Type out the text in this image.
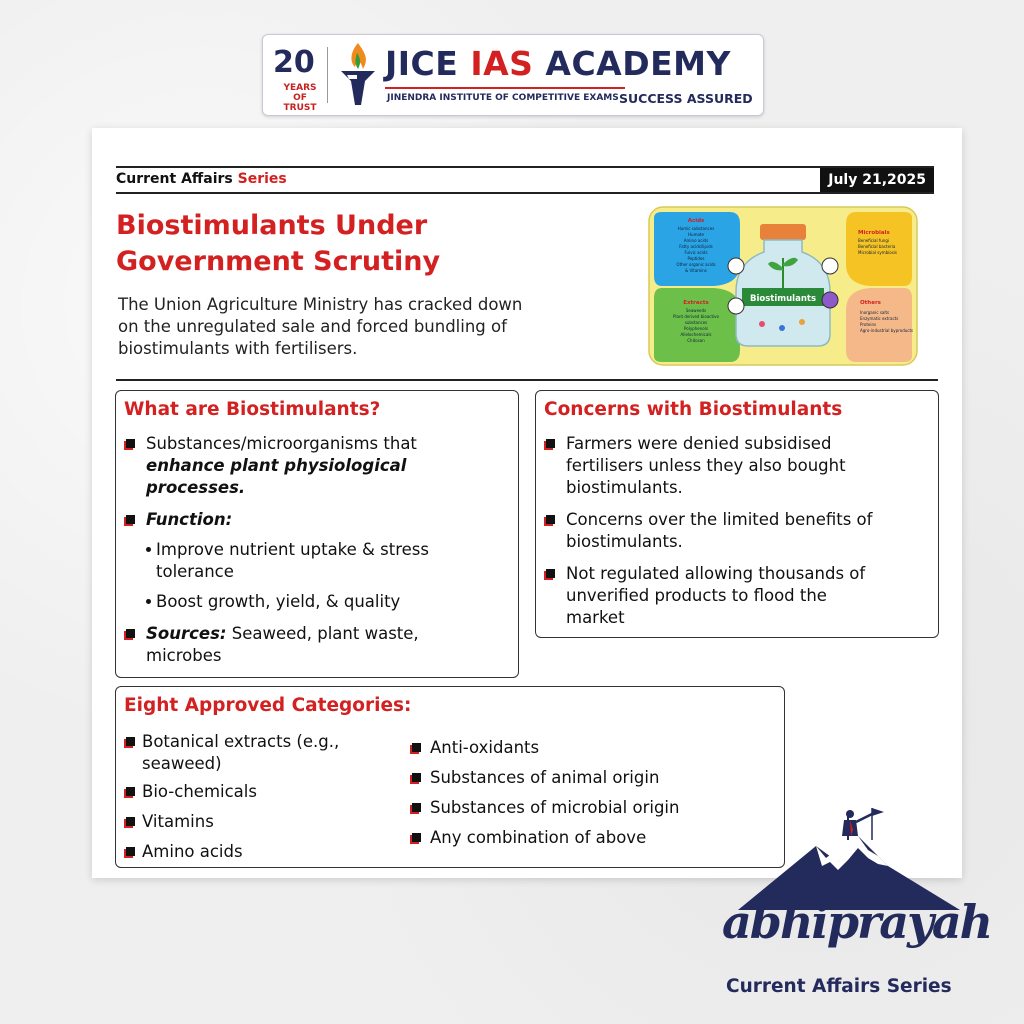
20
YEARS
OF TRUST
JICE IAS ACADEMY
JINENDRA INSTITUTE OF COMPETITIVE EXAMS SUCCESS ASSURED
Current Affairs Series	July 21,2025
Biostimulants Under Government Scrutiny
The Union Agriculture Ministry has cracked down on the unregulated sale and forced bundling of biostimulants with fertilisers.
Biostimulants
Acids
Humic substances
Humate
Amino acids
Fatty acids/lipids
Fulvic acids
Peptides
Other organic acids
& Vitamins
Microbials
Beneficial fungi
Beneficial bacteria
Microbial symbiosis
Extracts
Seaweeds
Plant derived bioactive
substances
Polyphenols
Allelochemicals
Chitosan
Others
Inorganic salts
Enzymatic extracts
Proteins
Agro-industrial byproducts
What are Biostimulants?
Substances/microorganisms that
enhance plant physiological
processes.
Function:
Improve nutrient uptake & stress
tolerance
Boost growth, yield, & quality
Sources: Seaweed, plant waste,
microbes
Concerns with Biostimulants
Farmers were denied subsidised
fertilisers unless they also bought
biostimulants.
Concerns over the limited benefits of
biostimulants.
Not regulated allowing thousands of
unverified products to flood the
market
Eight Approved Categories:
Botanical extracts (e.g.,
seaweed)
Bio-chemicals
Vitamins
Amino acids
Anti-oxidants
Substances of animal origin
Substances of microbial origin
Any combination of above
abhiprayah
Current Affairs Series
